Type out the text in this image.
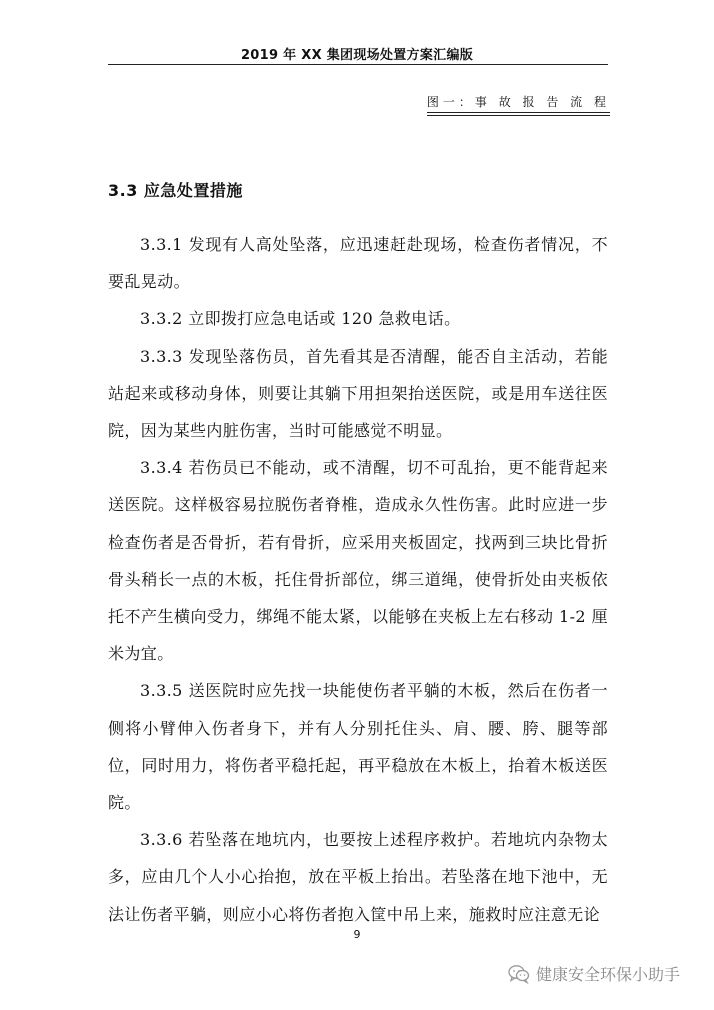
2019 年 XX 集团现场处置方案汇编版
图一：事 故 报 告 流 程
3.3 应急处置措施

3.3.1 发现有人高处坠落，应迅速赶赴现场，检查伤者情况，不要乱晃动。

3.3.2 立即拨打应急电话或 120 急救电话。

3.3.3 发现坠落伤员，首先看其是否清醒，能否自主活动，若能站起来或移动身体，则要让其躺下用担架抬送医院，或是用车送往医院，因为某些内脏伤害，当时可能感觉不明显。

3.3.4 若伤员已不能动，或不清醒，切不可乱抬，更不能背起来送医院。这样极容易拉脱伤者脊椎，造成永久性伤害。此时应进一步检查伤者是否骨折，若有骨折，应采用夹板固定，找两到三块比骨折骨头稍长一点的木板，托住骨折部位，绑三道绳，使骨折处由夹板依托不产生横向受力，绑绳不能太紧，以能够在夹板上左右移动 1-2 厘米为宜。

3.3.5 送医院时应先找一块能使伤者平躺的木板，然后在伤者一侧将小臂伸入伤者身下，并有人分别托住头、肩、腰、胯、腿等部位，同时用力，将伤者平稳托起，再平稳放在木板上，抬着木板送医院。

3.3.6 若坠落在地坑内，也要按上述程序救护。若地坑内杂物太多，应由几个人小心抬抱，放在平板上抬出。若坠落在地下池中，无法让伤者平躺，则应小心将伤者抱入筐中吊上来，施救时应注意无论

9
健康安全环保小助手
